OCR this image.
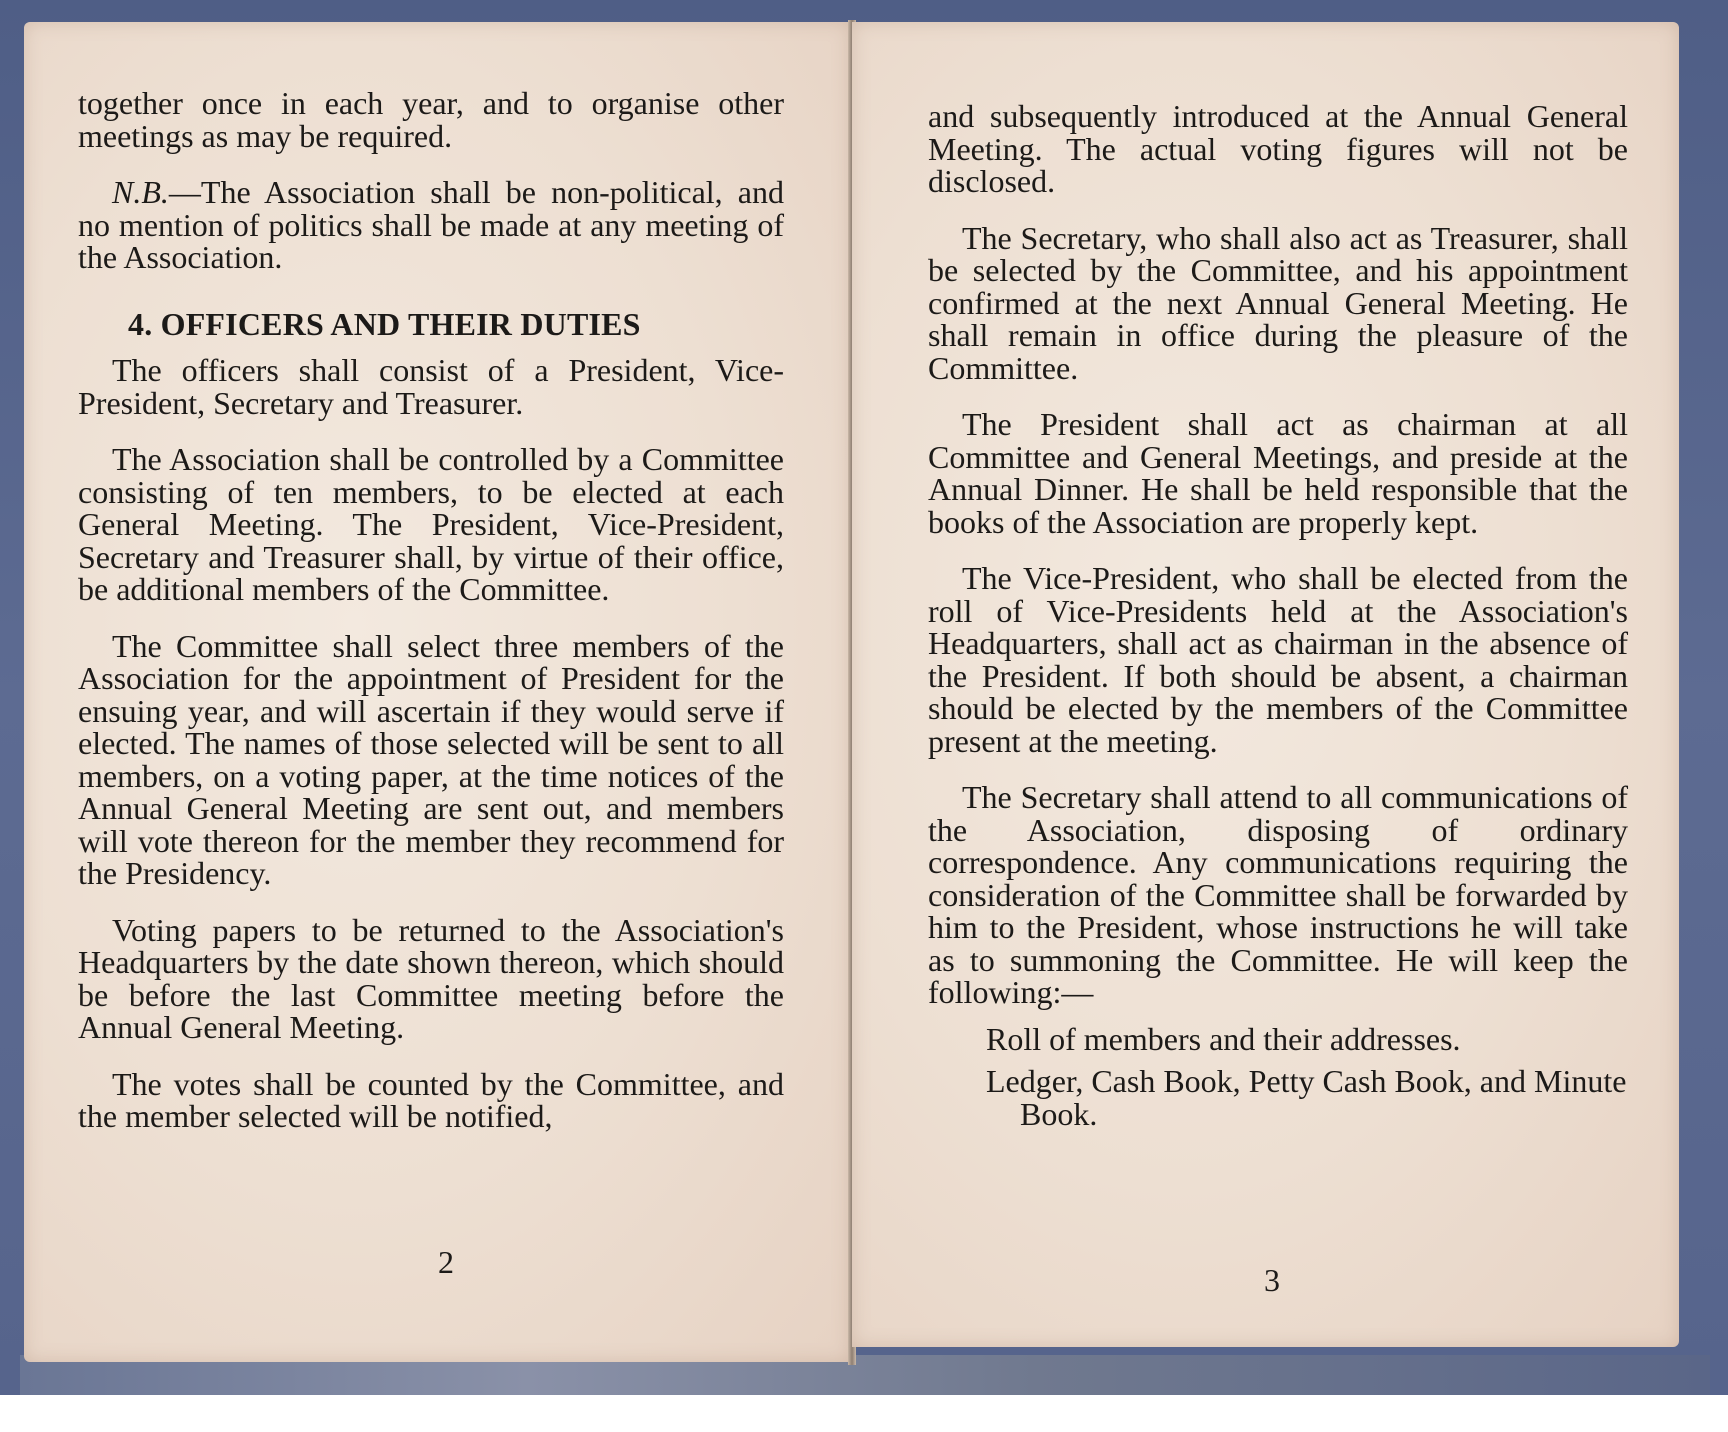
together once in each year, and to organise other meetings as may be required.

N.B.—The Association shall be non-political, and no mention of politics shall be made at any meeting of the Association.

4. OFFICERS AND THEIR DUTIES

The officers shall consist of a President, Vice-President, Secretary and Treasurer.

The Association shall be controlled by a Committee consisting of ten members, to be elected at each General Meeting. The President, Vice-President, Secretary and Treasurer shall, by virtue of their office, be additional members of the Committee.

The Committee shall select three members of the Association for the appointment of President for the ensuing year, and will ascertain if they would serve if elected. The names of those selected will be sent to all members, on a voting paper, at the time notices of the Annual General Meeting are sent out, and members will vote thereon for the member they recommend for the Presidency.

Voting papers to be returned to the Association's Headquarters by the date shown thereon, which should be before the last Committee meeting before the Annual General Meeting.

The votes shall be counted by the Committee, and the member selected will be notified,

2

and subsequently introduced at the Annual General Meeting. The actual voting figures will not be disclosed.

The Secretary, who shall also act as Treasurer, shall be selected by the Committee, and his appointment confirmed at the next Annual General Meeting. He shall remain in office during the pleasure of the Committee.

The President shall act as chairman at all Committee and General Meetings, and preside at the Annual Dinner. He shall be held responsible that the books of the Association are properly kept.

The Vice-President, who shall be elected from the roll of Vice-Presidents held at the Association's Headquarters, shall act as chairman in the absence of the President. If both should be absent, a chairman should be elected by the members of the Committee present at the meeting.

The Secretary shall attend to all communications of the Association, disposing of ordinary correspondence. Any communications requiring the consideration of the Committee shall be forwarded by him to the President, whose instructions he will take as to summoning the Committee. He will keep the following:—

Roll of members and their addresses.

Ledger, Cash Book, Petty Cash Book, and Minute Book.

3
